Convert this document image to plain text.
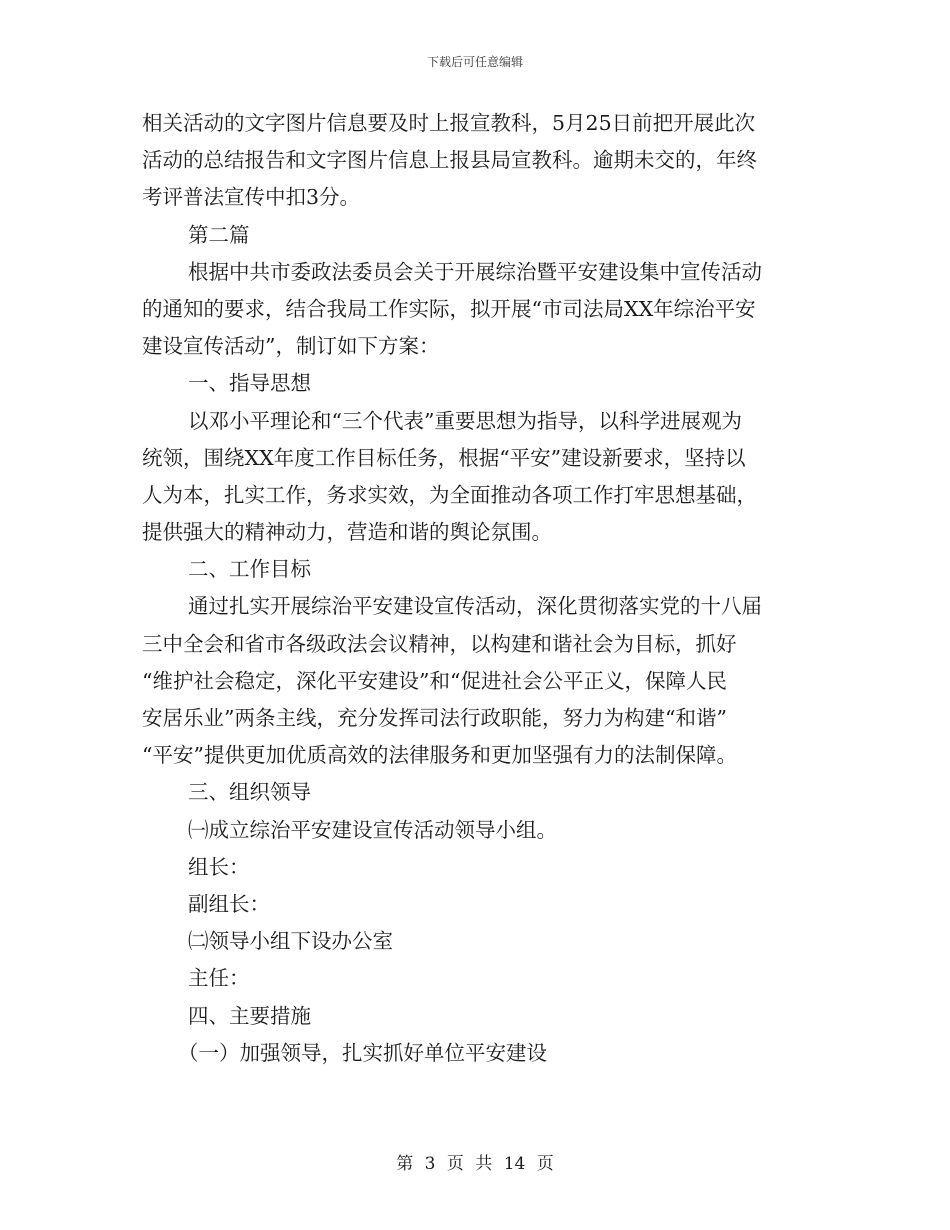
下载后可任意编辑
相关活动的文字图片信息要及时上报宣教科，5月25日前把开展此次
活动的总结报告和文字图片信息上报县局宣教科。逾期未交的，年终
考评普法宣传中扣3分。
第二篇
根据中共市委政法委员会关于开展综治暨平安建设集中宣传活动
的通知的要求，结合我局工作实际，拟开展“市司法局XX年综治平安
建设宣传活动”，制订如下方案：
一、指导思想
以邓小平理论和“三个代表”重要思想为指导，以科学进展观为
统领，围绕XX年度工作目标任务，根据“平安”建设新要求，坚持以
人为本，扎实工作，务求实效，为全面推动各项工作打牢思想基础，
提供强大的精神动力，营造和谐的舆论氛围。
二、工作目标
通过扎实开展综治平安建设宣传活动，深化贯彻落实党的十八届
三中全会和省市各级政法会议精神，以构建和谐社会为目标，抓好
“维护社会稳定，深化平安建设”和“促进社会公平正义，保障人民
安居乐业”两条主线，充分发挥司法行政职能，努力为构建“和谐”
“平安”提供更加优质高效的法律服务和更加坚强有力的法制保障。
三、组织领导
㈠成立综治平安建设宣传活动领导小组。
组长：
副组长：
㈡领导小组下设办公室
主任：
四、主要措施
（一）加强领导，扎实抓好单位平安建设
第 3 页 共 14 页
